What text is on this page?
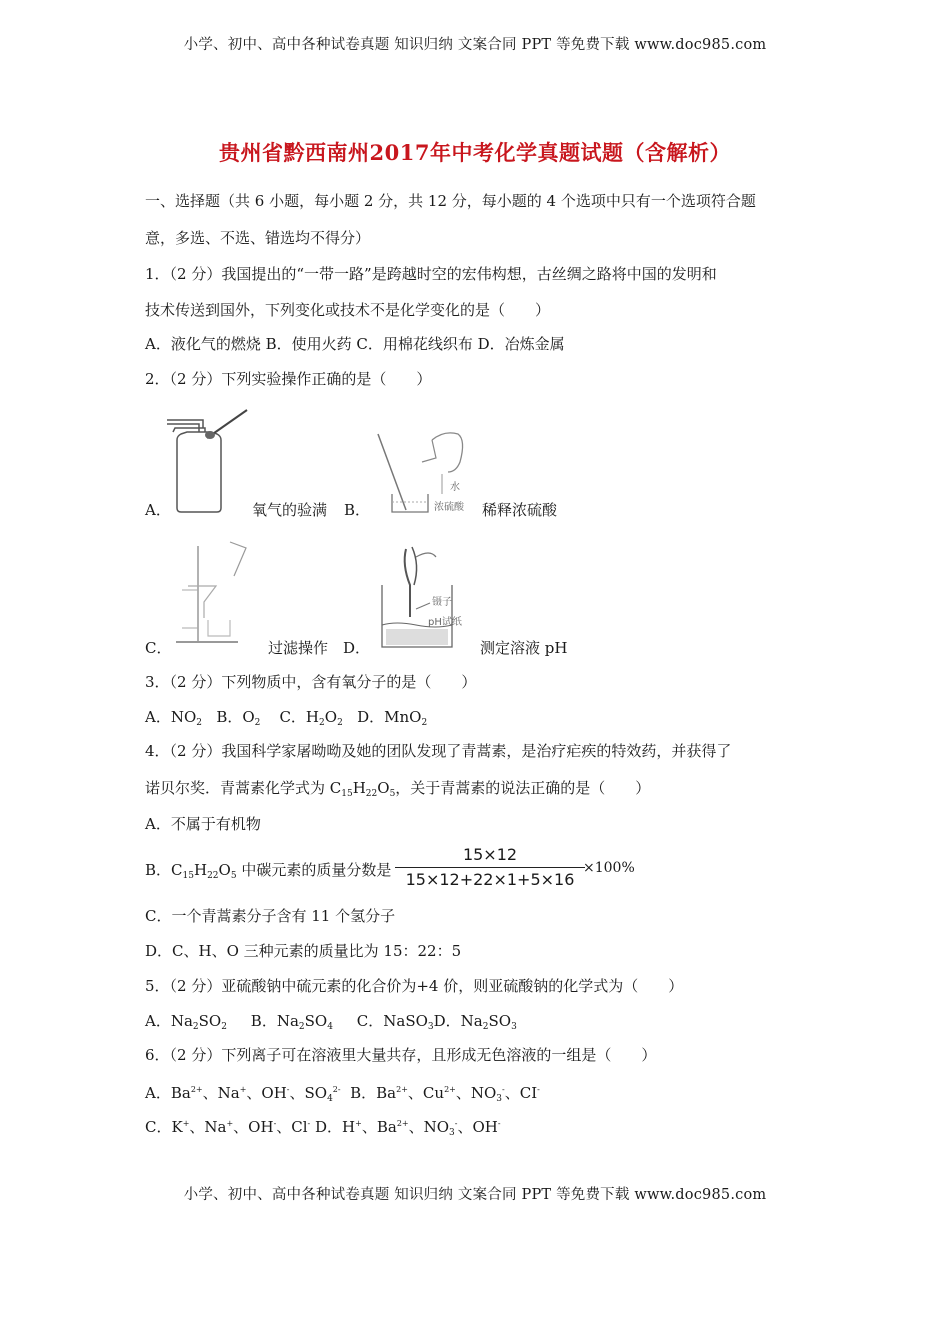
小学、初中、高中各种试卷真题 知识归纳 文案合同 PPT 等免费下载 www.doc985.com
贵州省黔西南州2017年中考化学真题试题（含解析）
一、选择题（共 6 小题，每小题 2 分，共 12 分，每小题的 4 个选项中只有一个选项符合题
意，多选、不选、错选均不得分）
1．（2 分）我国提出的“一带一路”是跨越时空的宏伟构想，古丝绸之路将中国的发明和
技术传送到国外，下列变化或技术不是化学变化的是（　　）
A．液化气的燃烧 B．使用火药 C．用棉花线织布 D．冶炼金属
2．（2 分）下列实验操作正确的是（　　）
A．	氧气的验满
水
浓硫酸
B．	稀释浓硫酸
C．	过滤操作
镊子
pH试纸
D．	测定溶液 pH
3．（2 分）下列物质中，含有氧分子的是（　　）
A．$NO_2$ B．$O_2$ C．$H_2O_2$ D．MnO$_2$
4．（2 分）我国科学家屠呦呦及她的团队发现了青蒿素，是治疗疟疾的特效药，并获得了
诺贝尔奖．青蒿素化学式为 $C_{15}H_{22}O_5$，关于青蒿素的说法正确的是（　　）
A．不属于有机物
B．$C_{15}H_{22}O_5$ 中碳元素的质量分数是
15×12
15×12+22×1+5×16
×100%
C．一个青蒿素分子含有 11 个氢分子
D．C、H、O 三种元素的质量比为 15：22：5
5．（2 分）亚硫酸钠中硫元素的化合价为+4 价，则亚硫酸钠的化学式为（　　）
A．$Na_2SO_2$ B．$Na_2SO_4$ C．NaSO$_3$D．$Na_2SO_3$
6．（2 分）下列离子可在溶液里大量共存，且形成无色溶液的一组是（　　）
A．$Ba^{2+}$、Na+、OH-、$SO_4^{2-}$  B．$Ba^{2+}$、$Cu^{2+}$、$NO_3^-$、CI-
C．K+、Na+、OH-、Cl- D．H+、$Ba^{2+}$、$NO_3^-$、OH-
小学、初中、高中各种试卷真题 知识归纳 文案合同 PPT 等免费下载 www.doc985.com
